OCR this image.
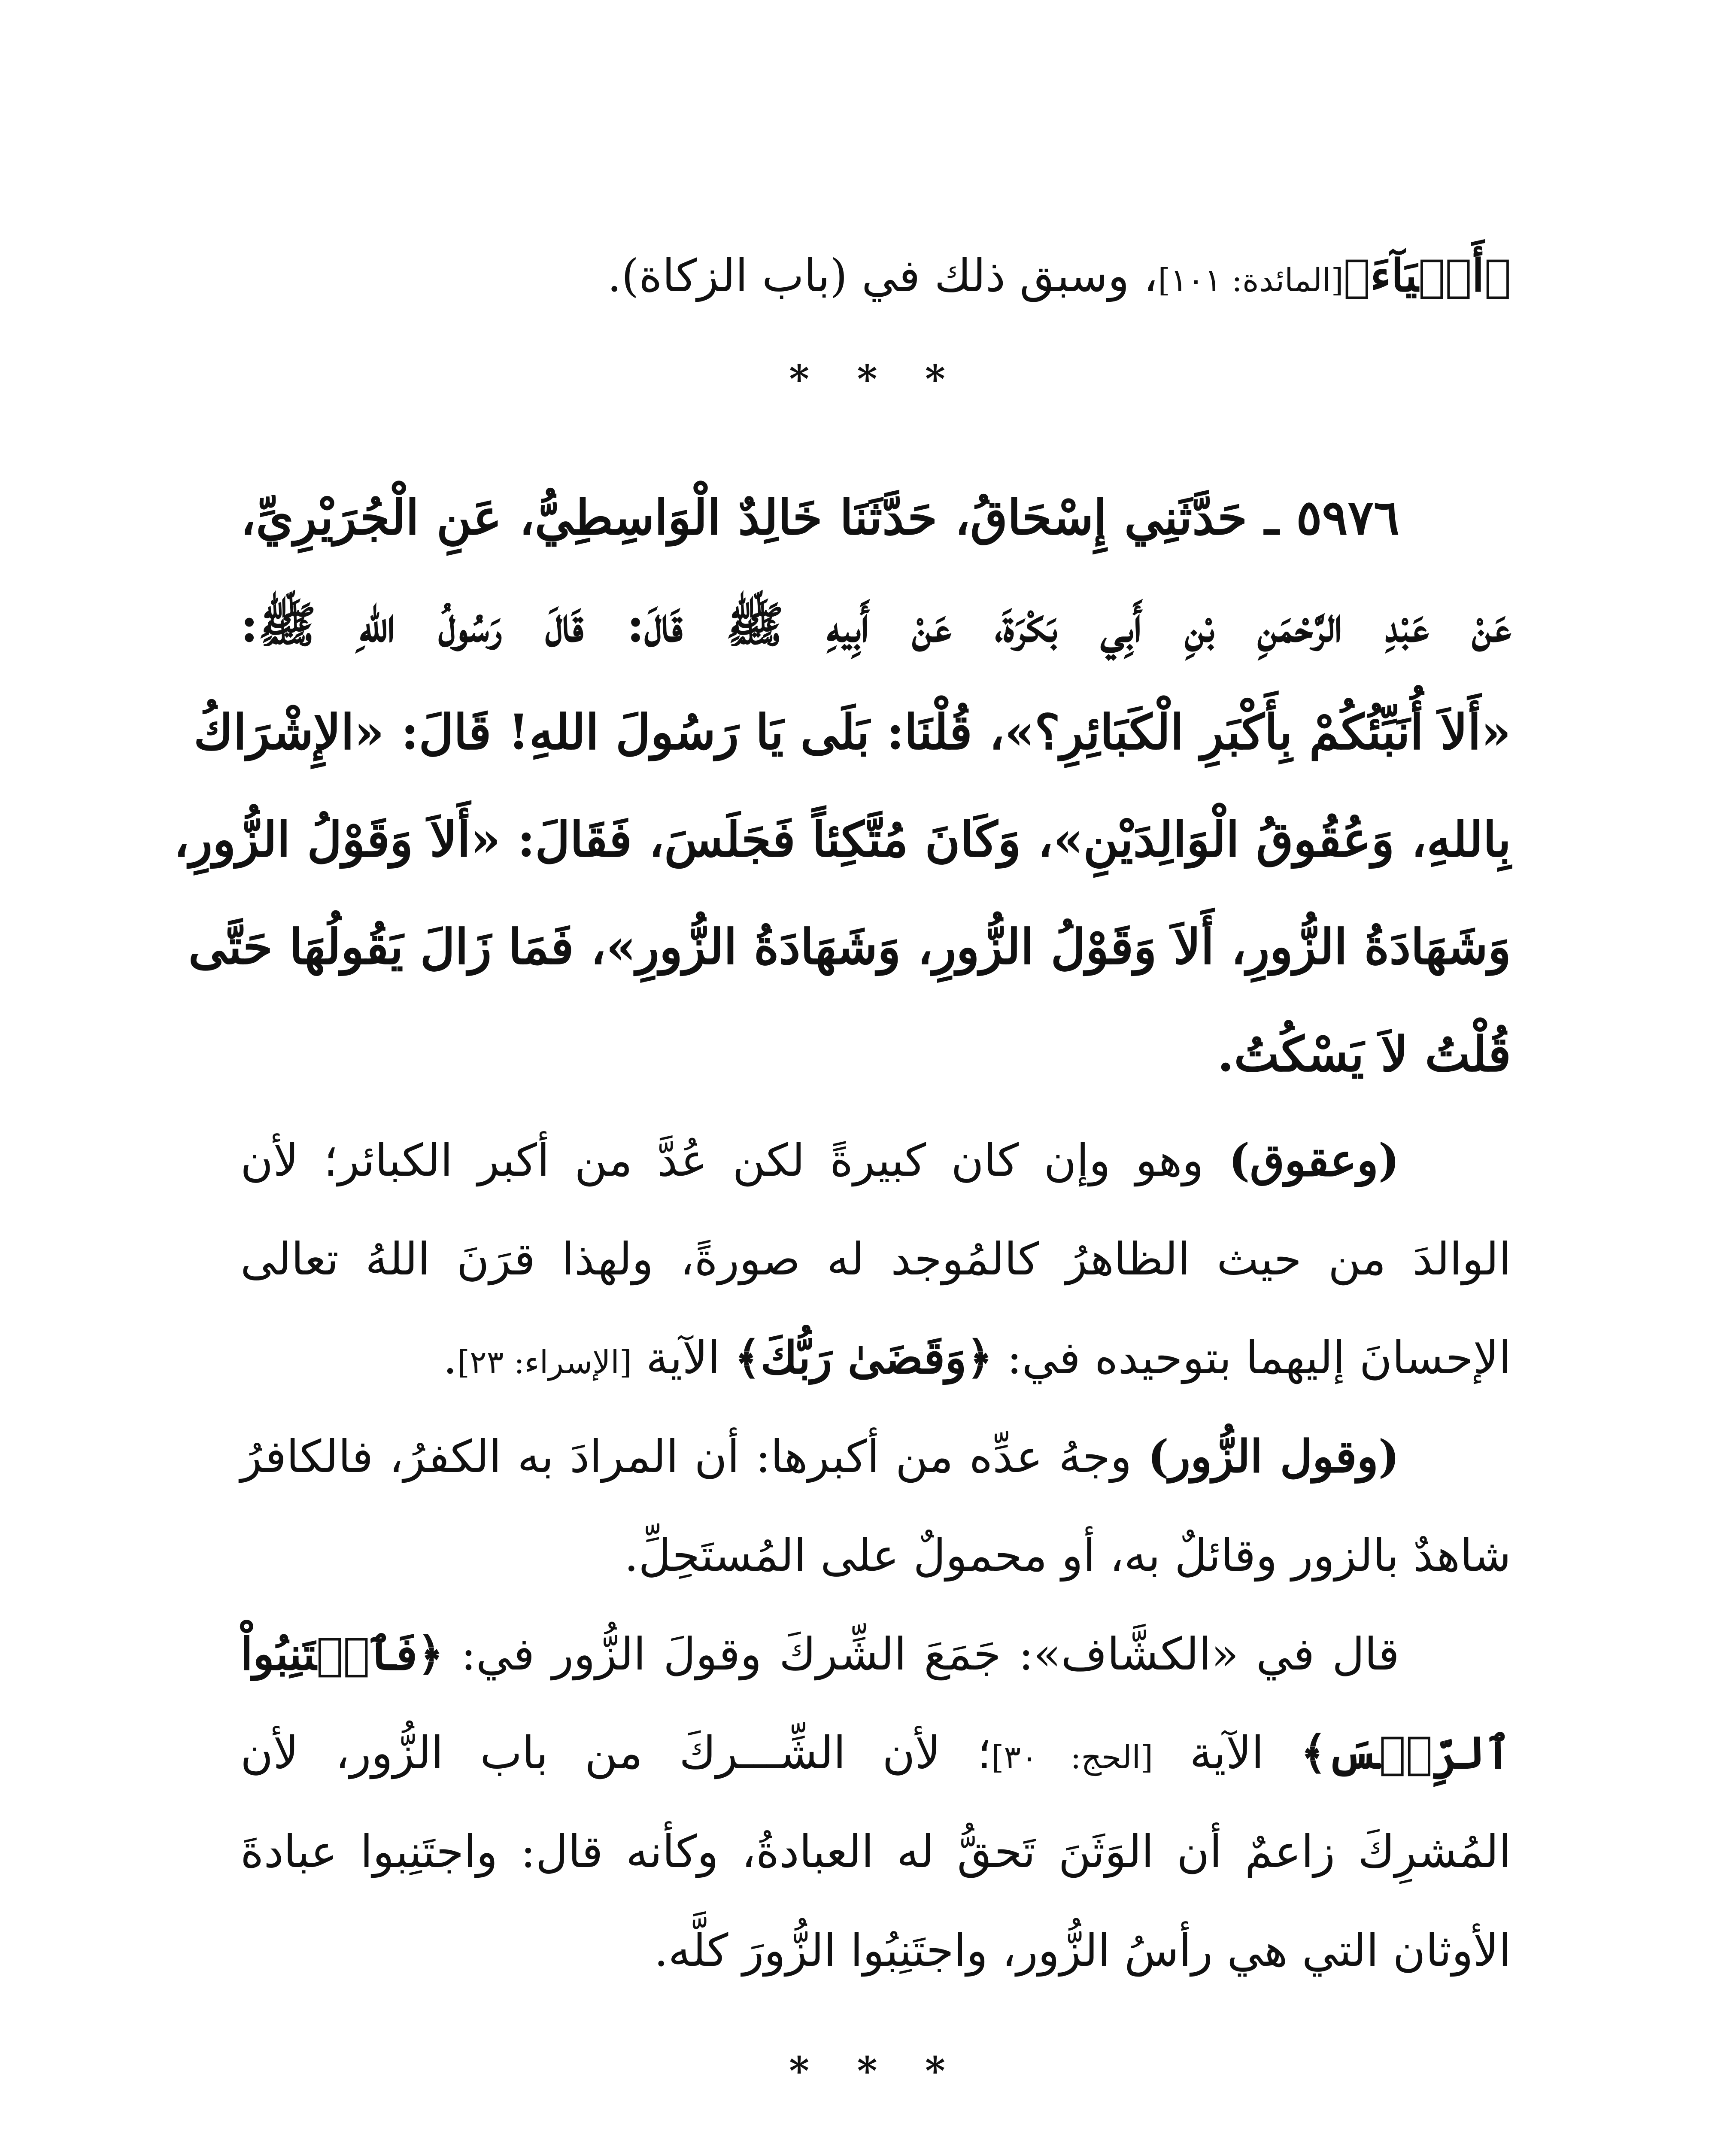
﴿أَشۡيَآءَ﴾[المائدة: ١٠١]، وسبق ذلك في (باب الزكاة).
* * *
٥٩٧٦ ـ حَدَّثَنِي إِسْحَاقُ، حَدَّثَنَا خَالِدٌ الْوَاسِطِيُّ، عَنِ الْجُرَيْرِيِّ،
عَنْ عَبْدِ الرَّحْمَنِ بْنِ أَبِي بَكْرَةَ، عَنْ أَبِيهِ ﷺ قَالَ: قَالَ رَسُولُ اللهِ ﷺ:
«أَلاَ أُنَبِّئُكُمْ بِأَكْبَرِ الْكَبَائِرِ؟»، قُلْنَا: بَلَى يَا رَسُولَ اللهِ! قَالَ: «الإِشْرَاكُ
بِاللهِ، وَعُقُوقُ الْوَالِدَيْنِ»، وَكَانَ مُتَّكِئاً فَجَلَسَ، فَقَالَ: «أَلاَ وَقَوْلُ الزُّورِ،
وَشَهَادَةُ الزُّورِ، أَلاَ وَقَوْلُ الزُّورِ، وَشَهَادَةُ الزُّورِ»، فَمَا زَالَ يَقُولُهَا حَتَّى
قُلْتُ لاَ يَسْكُتُ.
(وعقوق) وهو وإن كان كبيرةً لكن عُدَّ من أكبر الكبائر؛ لأن
الوالدَ من حيث الظاهرُ كالمُوجد له صورةً، ولهذا قرَنَ اللهُ تعالى
الإحسانَ إليهما بتوحيده في: ﴿وَقَضَىٰ رَبُّكَ﴾ الآية [الإسراء: ٢٣].
(وقول الزُّور) وجهُ عدِّه من أكبرها: أن المرادَ به الكفرُ، فالكافرُ
شاهدٌ بالزور وقائلٌ به، أو محمولٌ على المُستَحِلِّ.
قال في «الكشَّاف»: جَمَعَ الشِّركَ وقولَ الزُّور في: ﴿فَٱجۡتَنِبُواْ
ٱلرِّجۡسَ﴾ الآية [الحج: ٣٠]؛ لأن الشِّـــركَ من باب الزُّور، لأن
المُشرِكَ زاعمٌ أن الوَثَنَ تَحقُّ له العبادةُ، وكأنه قال: واجتَنِبوا عبادةَ
الأوثان التي هي رأسُ الزُّور، واجتَنِبُوا الزُّورَ كلَّه.
* * *
